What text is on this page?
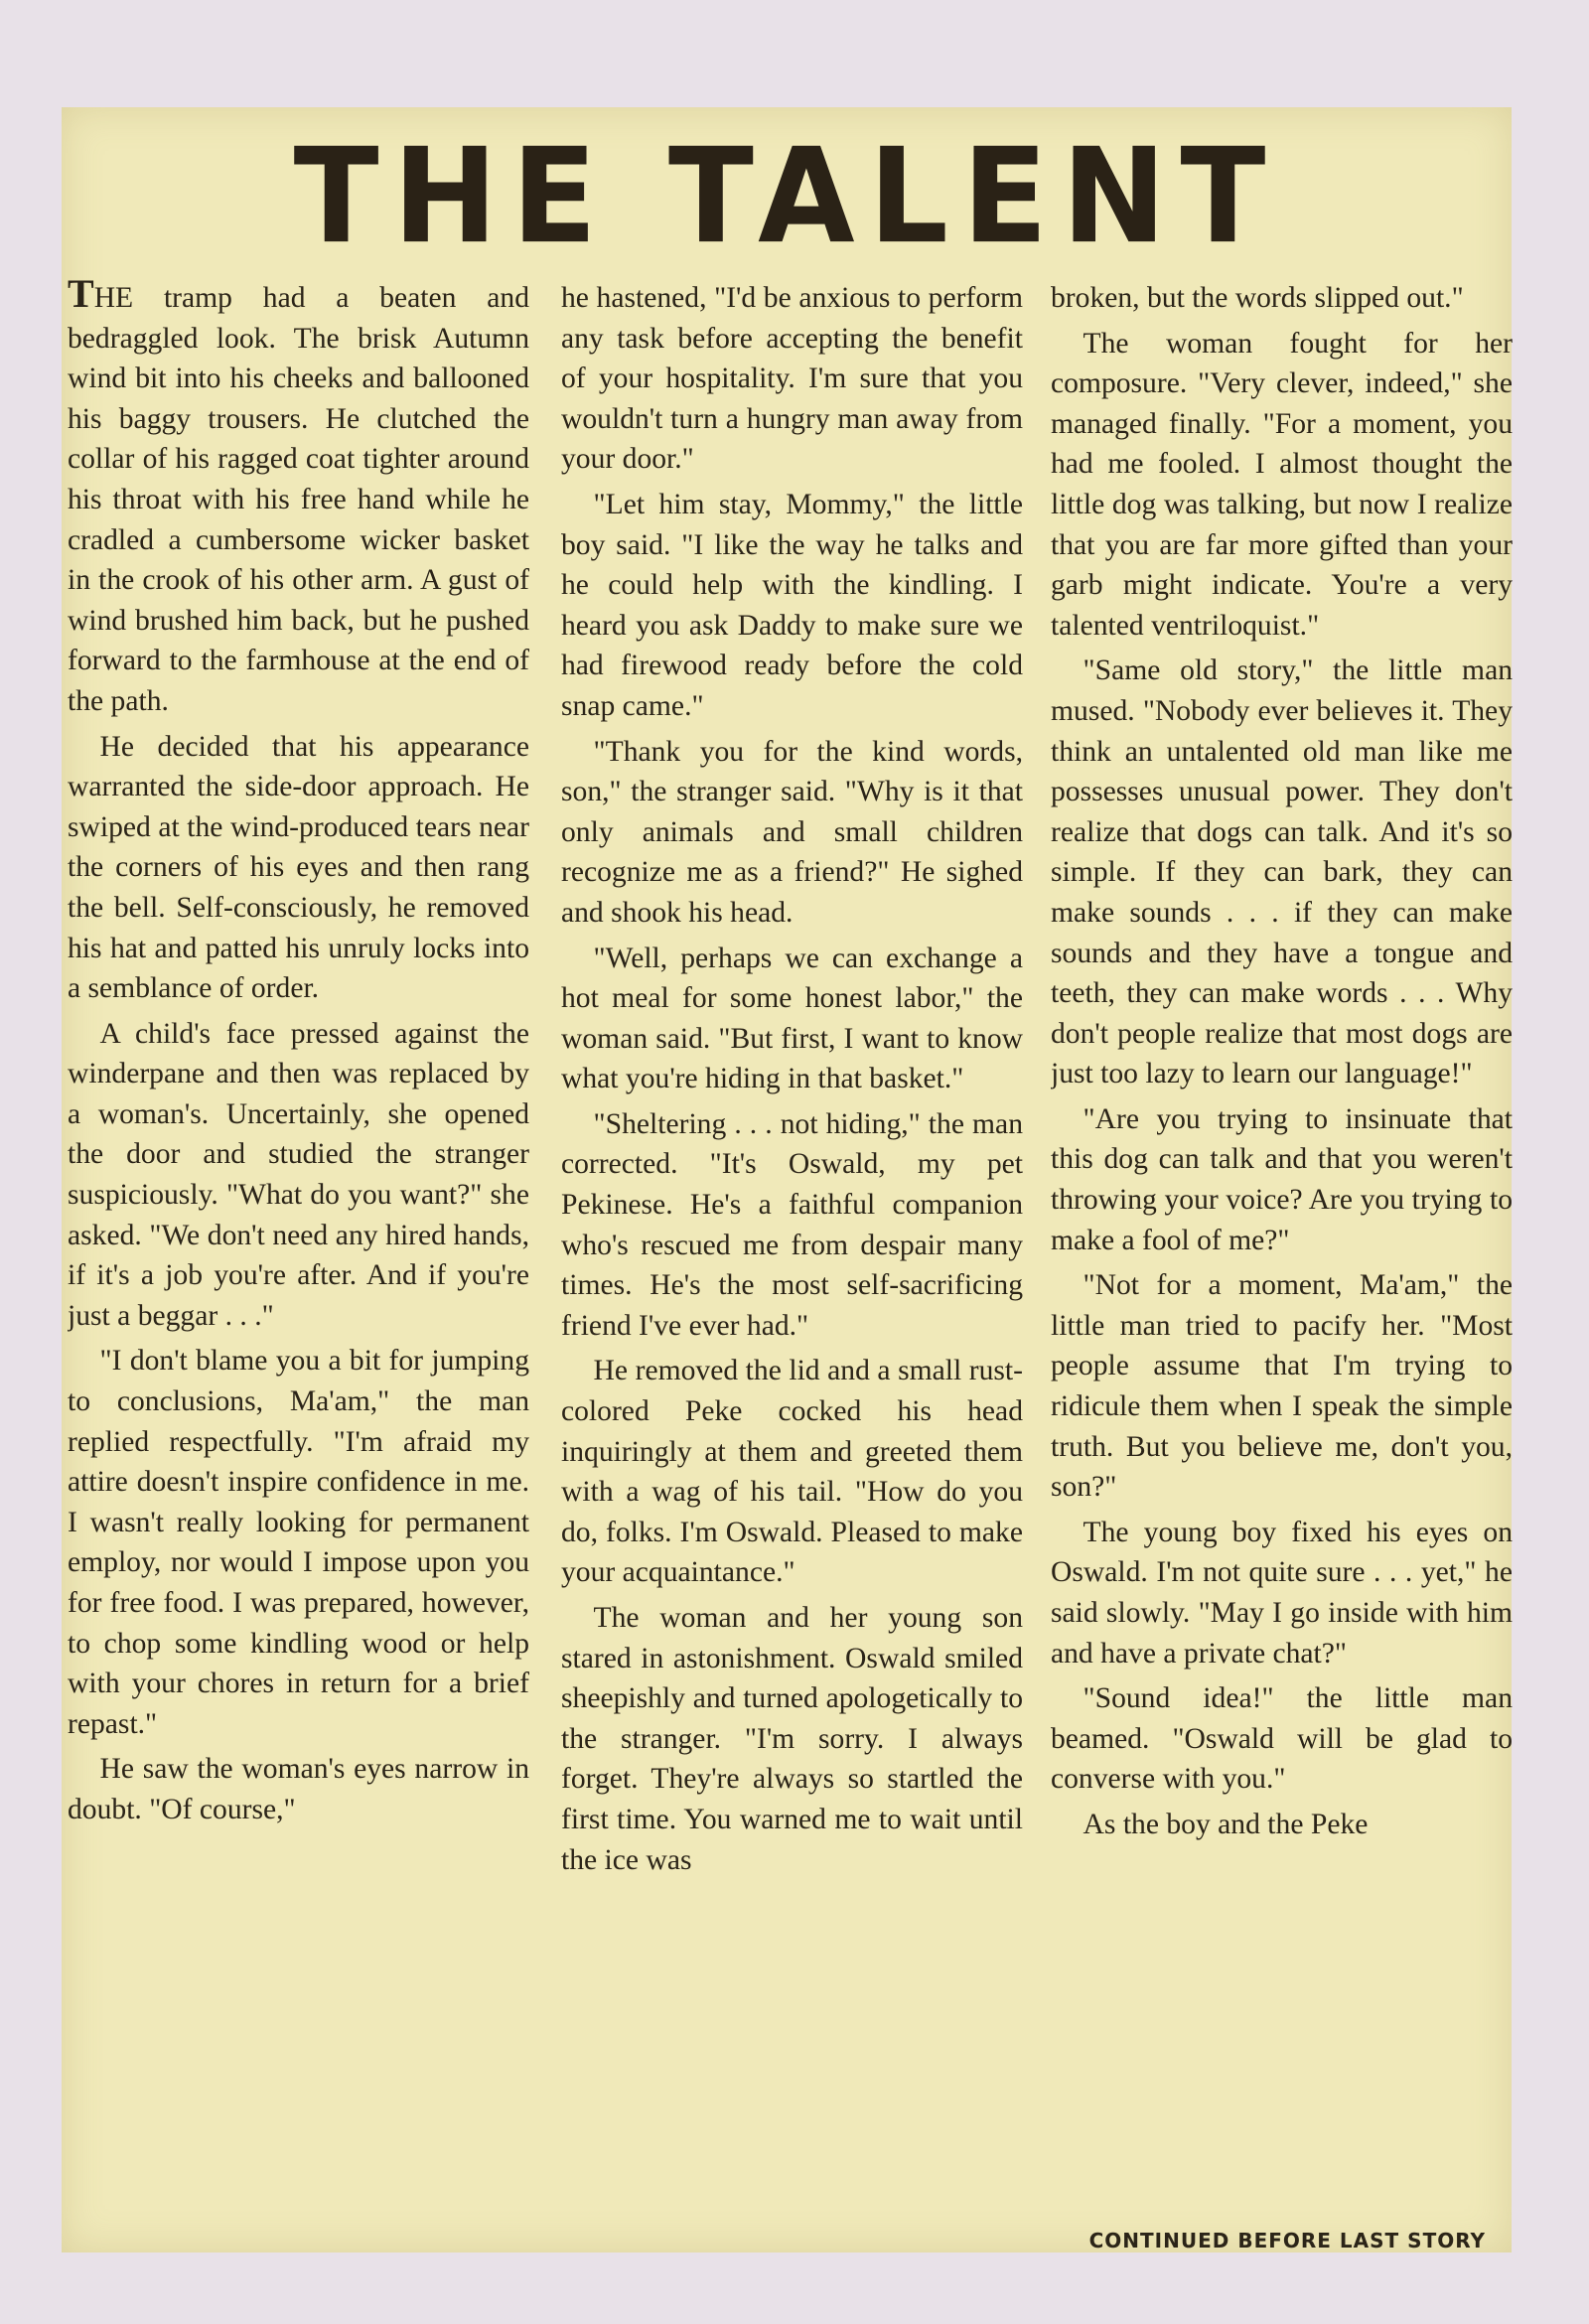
THE TALENT

THE tramp had a beaten and bedraggled look. The brisk Autumn wind bit into his cheeks and ballooned his baggy trousers. He clutched the collar of his ragged coat tighter around his throat with his free hand while he cradled a cumbersome wicker basket in the crook of his other arm. A gust of wind brushed him back, but he pushed forward to the farmhouse at the end of the path.

He decided that his appearance warranted the side-door approach. He swiped at the wind-produced tears near the corners of his eyes and then rang the bell. Self-consciously, he removed his hat and patted his unruly locks into a semblance of order.

A child's face pressed against the winderpane and then was replaced by a woman's. Uncertainly, she opened the door and studied the stranger suspiciously. "What do you want?" she asked. "We don't need any hired hands, if it's a job you're after. And if you're just a beggar . . ."

"I don't blame you a bit for jumping to conclusions, Ma'am," the man replied respectfully. "I'm afraid my attire doesn't inspire confidence in me. I wasn't really looking for permanent employ, nor would I impose upon you for free food. I was prepared, however, to chop some kindling wood or help with your chores in return for a brief repast."

He saw the woman's eyes narrow in doubt. "Of course,"

he hastened, "I'd be anxious to perform any task before accepting the benefit of your hospitality. I'm sure that you wouldn't turn a hungry man away from your door."

"Let him stay, Mommy," the little boy said. "I like the way he talks and he could help with the kindling. I heard you ask Daddy to make sure we had firewood ready before the cold snap came."

"Thank you for the kind words, son," the stranger said. "Why is it that only animals and small children recognize me as a friend?" He sighed and shook his head.

"Well, perhaps we can exchange a hot meal for some honest labor," the woman said. "But first, I want to know what you're hiding in that basket."

"Sheltering . . . not hiding," the man corrected. "It's Oswald, my pet Pekinese. He's a faithful companion who's rescued me from despair many times. He's the most self-sacrificing friend I've ever had."

He removed the lid and a small rust-colored Peke cocked his head inquiringly at them and greeted them with a wag of his tail. "How do you do, folks. I'm Oswald. Pleased to make your acquaintance."

The woman and her young son stared in astonishment. Oswald smiled sheepishly and turned apologetically to the stranger. "I'm sorry. I always forget. They're always so startled the first time. You warned me to wait until the ice was

broken, but the words slipped out."

The woman fought for her composure. "Very clever, indeed," she managed finally. "For a moment, you had me fooled. I almost thought the little dog was talking, but now I realize that you are far more gifted than your garb might indicate. You're a very talented ventriloquist."

"Same old story," the little man mused. "Nobody ever believes it. They think an untalented old man like me possesses unusual power. They don't realize that dogs can talk. And it's so simple. If they can bark, they can make sounds . . . if they can make sounds and they have a tongue and teeth, they can make words . . . Why don't people realize that most dogs are just too lazy to learn our language!"

"Are you trying to insinuate that this dog can talk and that you weren't throwing your voice? Are you trying to make a fool of me?"

"Not for a moment, Ma'am," the little man tried to pacify her. "Most people assume that I'm trying to ridicule them when I speak the simple truth. But you believe me, don't you, son?"

The young boy fixed his eyes on Oswald. I'm not quite sure . . . yet," he said slowly. "May I go inside with him and have a private chat?"

"Sound idea!" the little man beamed. "Oswald will be glad to converse with you."

As the boy and the Peke

CONTINUED BEFORE LAST STORY
